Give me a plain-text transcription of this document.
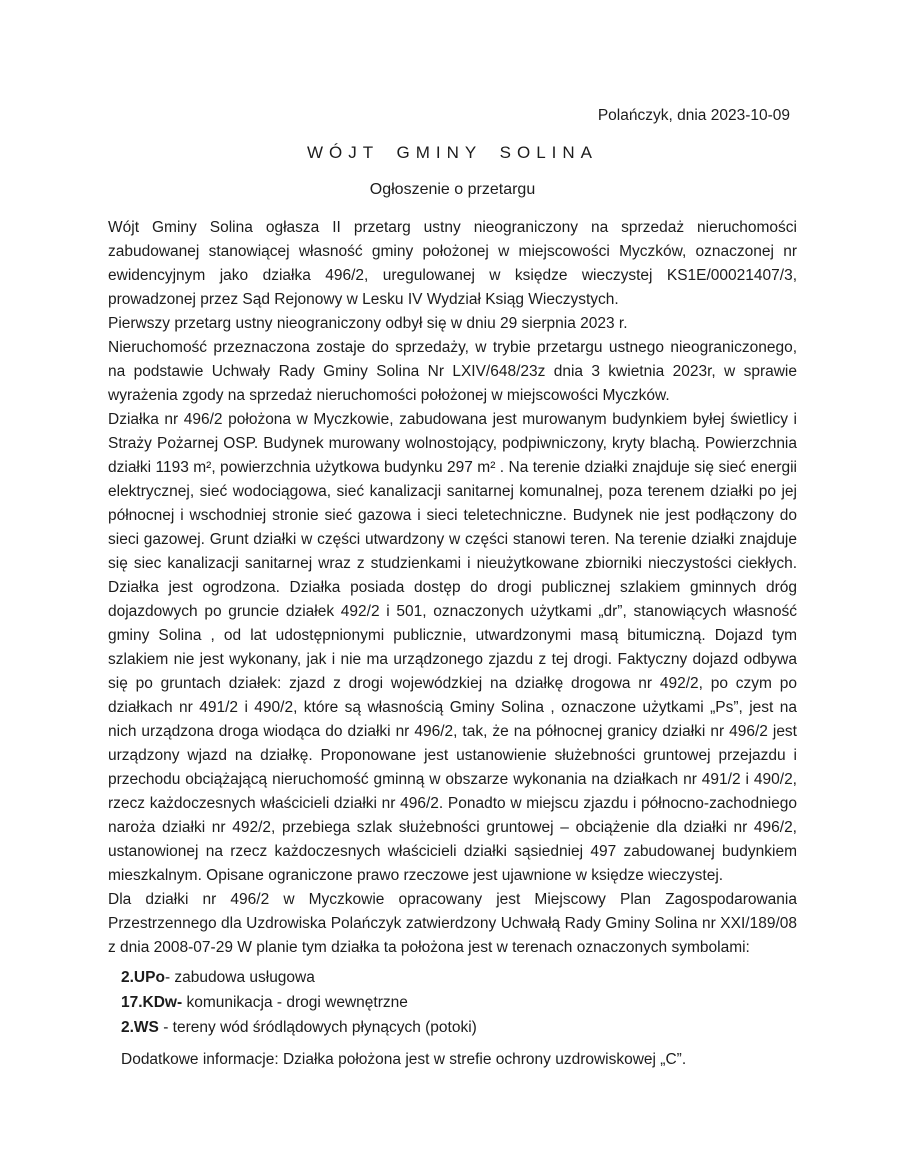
Polańczyk, dnia 2023-10-09
WÓJT GMINY SOLINA
Ogłoszenie o przetargu

Wójt Gminy Solina ogłasza II przetarg ustny nieograniczony na sprzedaż nieruchomości zabudowanej stanowiącej własność gminy położonej w miejscowości Myczków, oznaczonej nr ewidencyjnym jako działka 496/2, uregulowanej w księdze wieczystej KS1E/00021407/3, prowadzonej przez Sąd Rejonowy w Lesku IV Wydział Ksiąg Wieczystych.

Pierwszy przetarg ustny nieograniczony odbył się w dniu 29 sierpnia 2023 r.

Nieruchomość przeznaczona zostaje do sprzedaży, w trybie przetargu ustnego nieograniczonego, na podstawie Uchwały Rady Gminy Solina Nr LXIV/648/23z dnia 3 kwietnia 2023r, w sprawie wyrażenia zgody na sprzedaż nieruchomości położonej w miejscowości Myczków.

Działka nr 496/2 położona w Myczkowie, zabudowana jest murowanym budynkiem byłej świetlicy i Straży Pożarnej OSP. Budynek murowany wolnostojący, podpiwniczony, kryty blachą. Powierzchnia działki 1193 m², powierzchnia użytkowa budynku 297 m² . Na terenie działki znajduje się sieć energii elektrycznej, sieć wodociągowa, sieć kanalizacji sanitarnej komunalnej, poza terenem działki po jej północnej i wschodniej stronie sieć gazowa i sieci teletechniczne. Budynek nie jest podłączony do sieci gazowej. Grunt działki w części utwardzony w części stanowi teren. Na terenie działki znajduje się siec kanalizacji sanitarnej wraz z studzienkami i nieużytkowane zbiorniki nieczystości ciekłych. Działka jest ogrodzona. Działka posiada dostęp do drogi publicznej szlakiem gminnych dróg dojazdowych po gruncie działek 492/2 i 501, oznaczonych użytkami „dr”, stanowiących własność gminy Solina , od lat udostępnionymi publicznie, utwardzonymi masą bitumiczną. Dojazd tym szlakiem nie jest wykonany, jak i nie ma urządzonego zjazdu z tej drogi. Faktyczny dojazd odbywa się po gruntach działek: zjazd z drogi wojewódzkiej na działkę drogowa nr 492/2, po czym po działkach nr 491/2 i 490/2, które są własnością Gminy Solina , oznaczone użytkami „Ps”, jest na nich urządzona droga wiodąca do działki nr 496/2, tak, że na północnej granicy działki nr 496/2 jest urządzony wjazd na działkę. Proponowane jest ustanowienie służebności gruntowej przejazdu i przechodu obciążającą nieruchomość gminną w obszarze wykonania na działkach nr 491/2 i 490/2, rzecz każdoczesnych właścicieli działki nr 496/2. Ponadto w miejscu zjazdu i północno-zachodniego naroża działki nr 492/2, przebiega szlak służebności gruntowej – obciążenie dla działki nr 496/2, ustanowionej na rzecz każdoczesnych właścicieli działki sąsiedniej 497 zabudowanej budynkiem mieszkalnym. Opisane ograniczone prawo rzeczowe jest ujawnione w księdze wieczystej.

Dla działki nr 496/2 w Myczkowie opracowany jest Miejscowy Plan Zagospodarowania Przestrzennego dla Uzdrowiska Polańczyk zatwierdzony Uchwałą Rady Gminy Solina nr XXI/189/08 z dnia 2008-07-29 W planie tym działka ta położona jest w terenach oznaczonych symbolami:

2.UPo- zabudowa usługowa

17.KDw- komunikacja - drogi wewnętrzne

2.WS - tereny wód śródlądowych płynących (potoki)

Dodatkowe informacje: Działka położona jest w strefie ochrony uzdrowiskowej „C”.
